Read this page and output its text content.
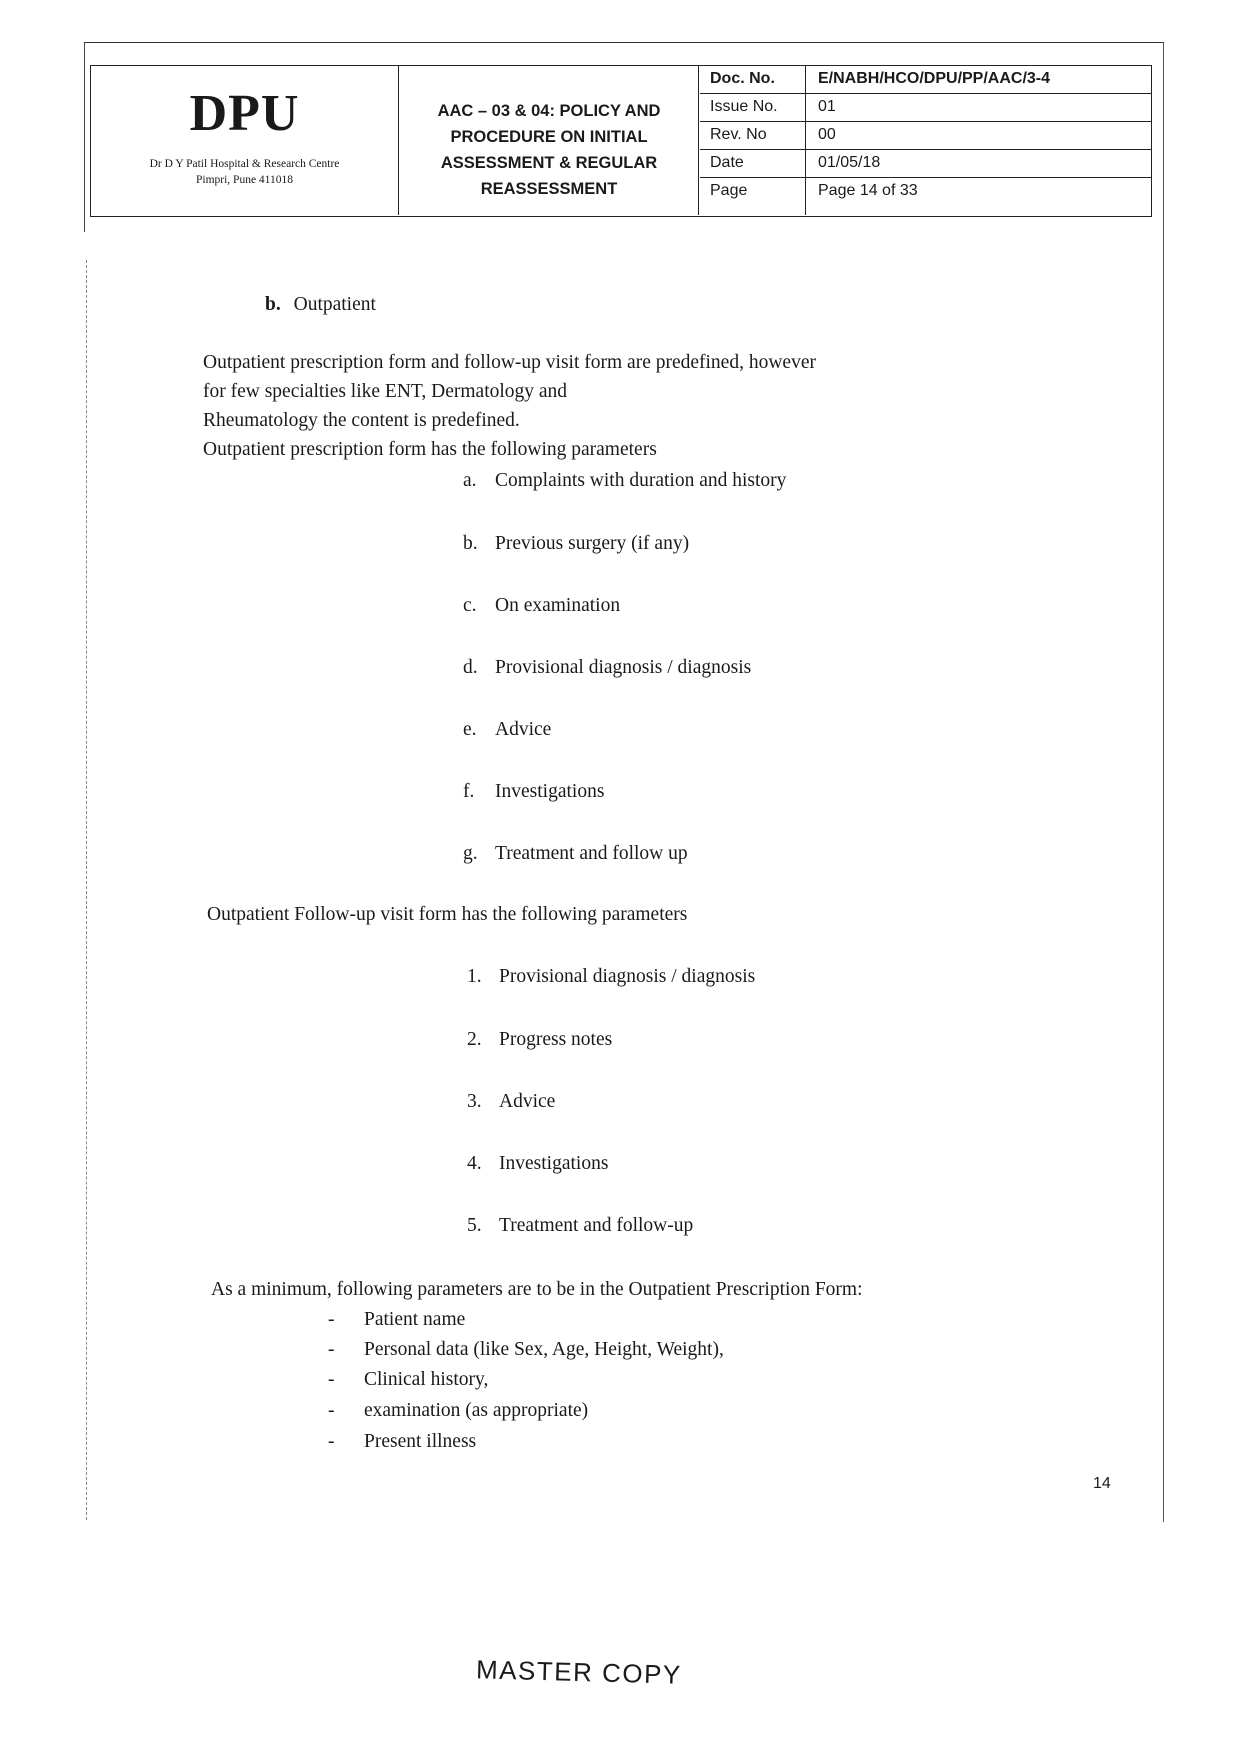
DPU
Dr D Y Patil Hospital & Research Centre
Pimpri, Pune 411018
AAC – 03 & 04: POLICY AND
PROCEDURE ON INITIAL
ASSESSMENT & REGULAR
REASSESSMENT
Doc. No.	E/NABH/HCO/DPU/PP/AAC/3-4
Issue No.	01
Rev. No	00
Date	01/05/18
Page	Page 14 of 33
b. Outpatient
Outpatient prescription form and follow-up visit form are predefined, however
for few specialties like ENT, Dermatology and
Rheumatology the content is predefined.
Outpatient prescription form has the following parameters
a. Complaints with duration and history
b. Previous surgery (if any)
c. On examination
d. Provisional diagnosis / diagnosis
e. Advice
f. Investigations
g. Treatment and follow up
Outpatient Follow-up visit form has the following parameters
1. Provisional diagnosis / diagnosis
2. Progress notes
3. Advice
4. Investigations
5. Treatment and follow-up
As a minimum, following parameters are to be in the Outpatient Prescription Form:
- Patient name
- Personal data (like Sex, Age, Height, Weight),
- Clinical history,
- examination (as appropriate)
- Present illness
14
MASTER COPY
